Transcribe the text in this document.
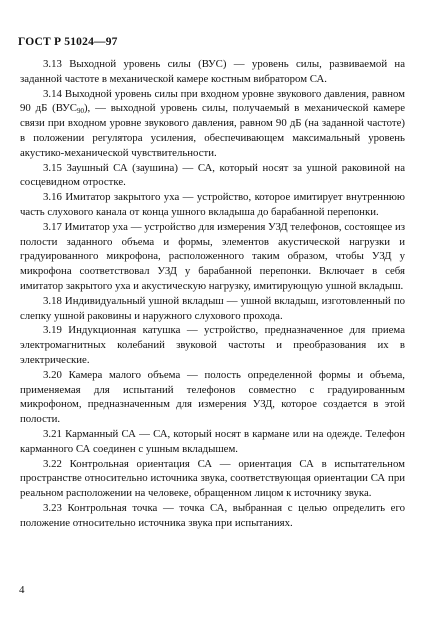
ГОСТ Р 51024—97

3.13 Выходной уровень силы (ВУС) — уровень силы, развиваемой на заданной частоте в механической камере костным вибратором СА.

3.14 Выходной уровень силы при входном уровне звукового давления, равном 90 дБ $(ВУС_{90})$, — выходной уровень силы, получаемый в механической камере связи при входном уровне звукового давления, равном 90 дБ (на заданной частоте) в положении регулятора усиления, обеспечивающем максимальный уровень акустико-механической чувствительности.

3.15 Заушный СА (заушина) — СА, который носят за ушной раковиной на сосцевидном отростке.

3.16 Имитатор закрытого уха — устройство, которое имитирует внутреннюю часть слухового канала от конца ушного вкладыша до барабанной перепонки.

3.17 Имитатор уха — устройство для измерения УЗД телефонов, состоящее из полости заданного объема и формы, элементов акустической нагрузки и градуированного микрофона, расположенного таким образом, чтобы УЗД у микрофона соответствовал УЗД у барабанной перепонки. Включает в себя имитатор закрытого уха и акустическую нагрузку, имитирующую ушной вкладыш.

3.18 Индивидуальный ушной вкладыш — ушной вкладыш, изготовленный по слепку ушной раковины и наружного слухового прохода.

3.19 Индукционная катушка — устройство, предназначенное для приема электромагнитных колебаний звуковой частоты и преобразования их в электрические.

3.20 Камера малого объема — полость определенной формы и объема, применяемая для испытаний телефонов совместно с градуированным микрофоном, предназначенным для измерения УЗД, которое создается в этой полости.

3.21 Карманный СА — СА, который носят в кармане или на одежде. Телефон карманного СА соединен с ушным вкладышем.

3.22 Контрольная ориентация СА — ориентация СА в испытательном пространстве относительно источника звука, соответствующая ориентации СА при реальном расположении на человеке, обращенном лицом к источнику звука.

3.23 Контрольная точка — точка СА, выбранная с целью определить его положение относительно источника звука при испытаниях.

4
